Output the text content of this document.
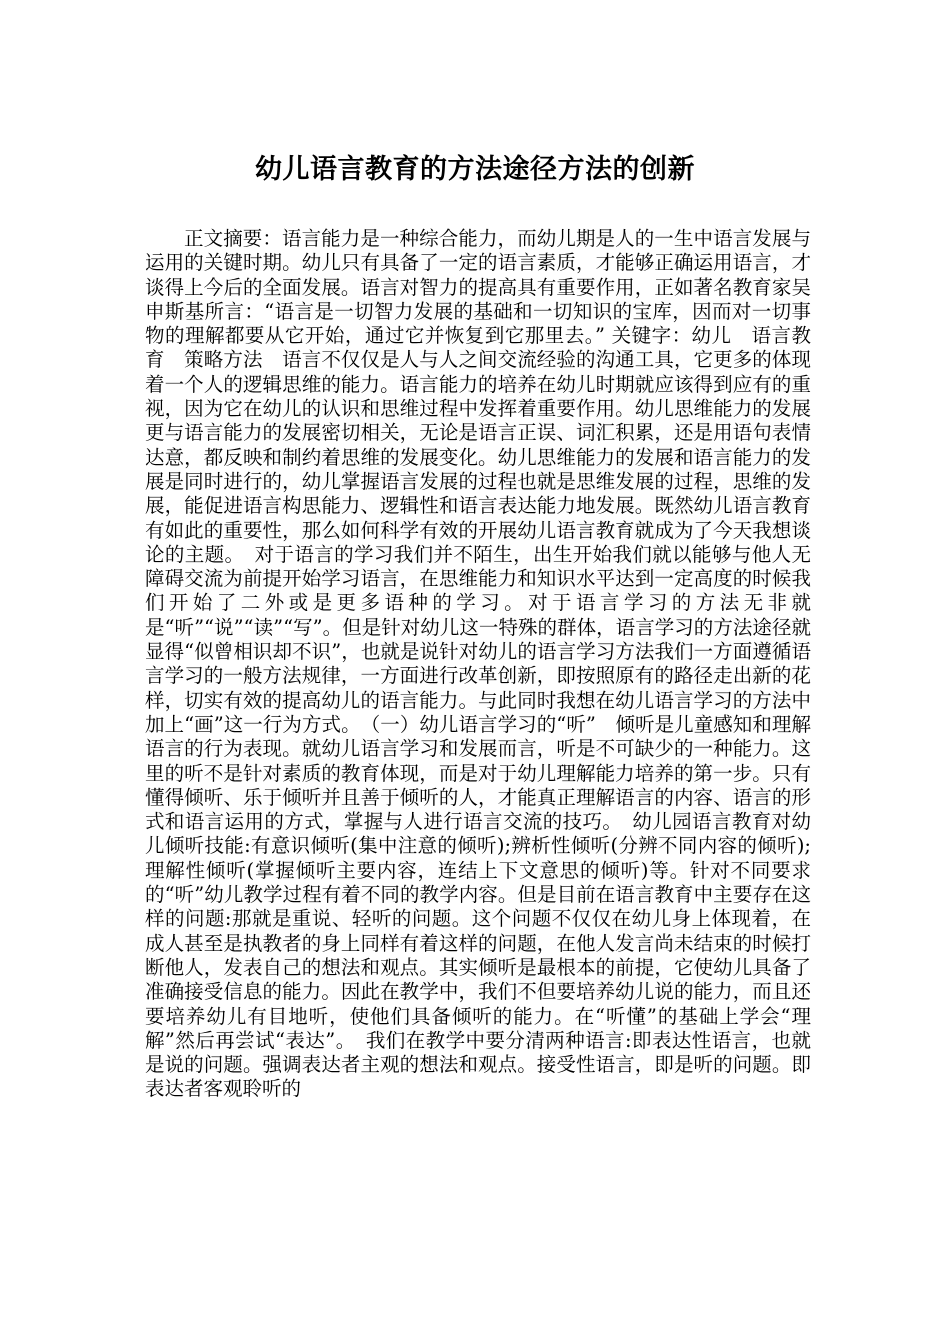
幼儿语言教育的方法途径方法的创新

正文摘要：语言能力是一种综合能力，而幼儿期是人的一生中语言发展与运用的关键时期。幼儿只有具备了一定的语言素质，才能够正确运用语言，才谈得上今后的全面发展。语言对智力的提高具有重要作用，正如著名教育家吴申斯基所言：“语言是一切智力发展的基础和一切知识的宝库，因而对一切事物的理解都要从它开始，通过它并恢复到它那里去。” 关键字：幼儿　语言教育　策略方法　语言不仅仅是人与人之间交流经验的沟通工具，它更多的体现着一个人的逻辑思维的能力。语言能力的培养在幼儿时期就应该得到应有的重视，因为它在幼儿的认识和思维过程中发挥着重要作用。幼儿思维能力的发展更与语言能力的发展密切相关，无论是语言正误、词汇积累，还是用语句表情达意，都反映和制约着思维的发展变化。幼儿思维能力的发展和语言能力的发展是同时进行的，幼儿掌握语言发展的过程也就是思维发展的过程，思维的发展，能促进语言构思能力、逻辑性和语言表达能力地发展。既然幼儿语言教育有如此的重要性，那么如何科学有效的开展幼儿语言教育就成为了今天我想谈论的主题。　对于语言的学习我们并不陌生，出生开始我们就以能够与他人无障碍交流为前提开始学习语言，在思维能力和知识水平达到一定高度的时候我们开始了二外或是更多语种的学习。对于语言学习的方法无非就是“听”“说”“读”“写”。但是针对幼儿这一特殊的群体，语言学习的方法途径就显得“似曾相识却不识”，也就是说针对幼儿的语言学习方法我们一方面遵循语言学习的一般方法规律，一方面进行改革创新，即按照原有的路径走出新的花样，切实有效的提高幼儿的语言能力。与此同时我想在幼儿语言学习的方法中加上“画”这一行为方式。　（一）幼儿语言学习的“听”　倾听是儿童感知和理解语言的行为表现。就幼儿语言学习和发展而言，听是不可缺少的一种能力。这里的听不是针对素质的教育体现，而是对于幼儿理解能力培养的第一步。只有懂得倾听、乐于倾听并且善于倾听的人，才能真正理解语言的内容、语言的形式和语言运用的方式，掌握与人进行语言交流的技巧。　幼儿园语言教育对幼儿倾听技能:有意识倾听(集中注意的倾听);辨析性倾听(分辨不同内容的倾听);理解性倾听(掌握倾听主要内容，连结上下文意思的倾听)等。针对不同要求的“听”幼儿教学过程有着不同的教学内容。但是目前在语言教育中主要存在这样的问题:那就是重说、轻听的问题。这个问题不仅仅在幼儿身上体现着，在成人甚至是执教者的身上同样有着这样的问题，在他人发言尚未结束的时候打断他人，发表自己的想法和观点。其实倾听是最根本的前提，它使幼儿具备了准确接受信息的能力。因此在教学中，我们不但要培养幼儿说的能力，而且还要培养幼儿有目地听，使他们具备倾听的能力。在“听懂”的基础上学会“理解”然后再尝试“表达”。　我们在教学中要分清两种语言:即表达性语言，也就是说的问题。强调表达者主观的想法和观点。接受性语言，即是听的问题。即表达者客观聆听的
